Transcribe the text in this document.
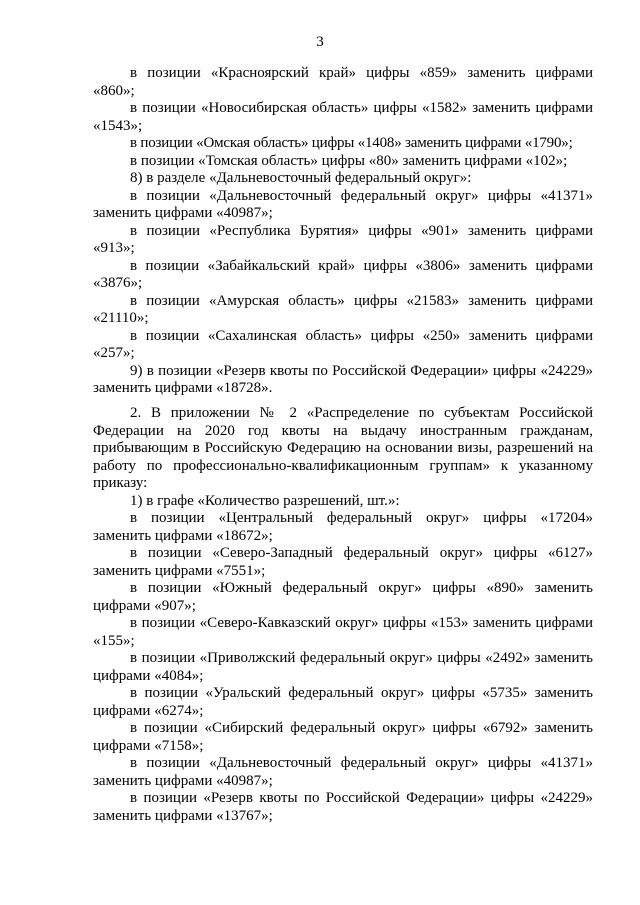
3

в позиции «Красноярский край» цифры «859» заменить цифрами «860»;

в позиции «Новосибирская область» цифры «1582» заменить цифрами «1543»;

в позиции «Омская область» цифры «1408» заменить цифрами «1790»;

в позиции «Томская область» цифры «80» заменить цифрами «102»;

8) в разделе «Дальневосточный федеральный округ»:

в позиции «Дальневосточный федеральный округ» цифры «41371» заменить цифрами «40987»;

в позиции «Республика Бурятия» цифры «901» заменить цифрами «913»;

в позиции «Забайкальский край» цифры «3806» заменить цифрами «3876»;

в позиции «Амурская область» цифры «21583» заменить цифрами «21110»;

в позиции «Сахалинская область» цифры «250» заменить цифрами «257»;

9) в позиции «Резерв квоты по Российской Федерации» цифры «24229» заменить цифрами «18728».

2. В приложении № 2 «Распределение по субъектам Российской Федерации на 2020 год квоты на выдачу иностранным гражданам, прибывающим в Российскую Федерацию на основании визы, разрешений на работу по профессионально-квалификационным группам» к указанному приказу:

1) в графе «Количество разрешений, шт.»:

в позиции «Центральный федеральный округ» цифры «17204» заменить цифрами «18672»;

в позиции «Северо-Западный федеральный округ» цифры «6127» заменить цифрами «7551»;

в позиции «Южный федеральный округ» цифры «890» заменить цифрами «907»;

в позиции «Северо-Кавказский округ» цифры «153» заменить цифрами «155»;

в позиции «Приволжский федеральный округ» цифры «2492» заменить цифрами «4084»;

в позиции «Уральский федеральный округ» цифры «5735» заменить цифрами «6274»;

в позиции «Сибирский федеральный округ» цифры «6792» заменить цифрами «7158»;

в позиции «Дальневосточный федеральный округ» цифры «41371» заменить цифрами «40987»;

в позиции «Резерв квоты по Российской Федерации» цифры «24229» заменить цифрами «13767»;
